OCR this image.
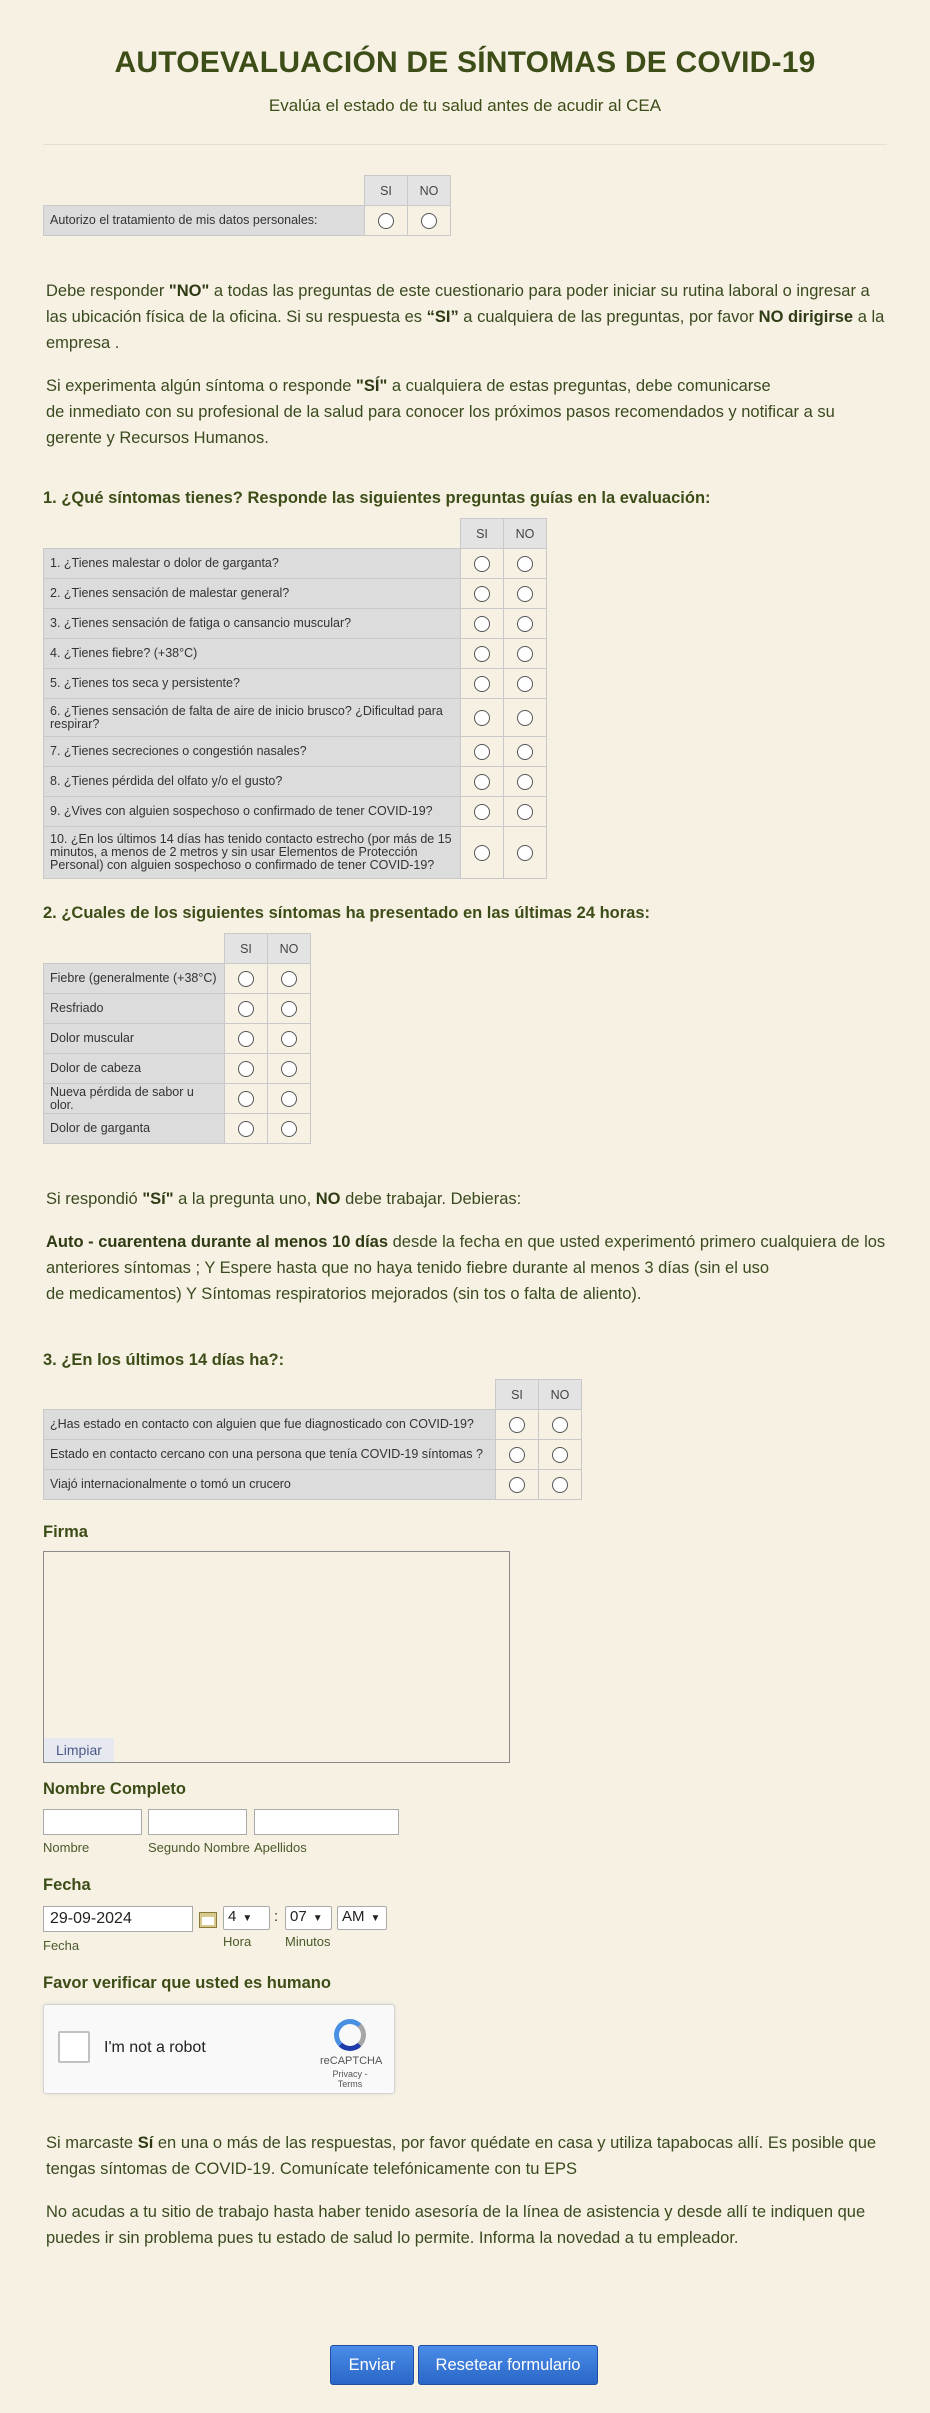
AUTOEVALUACIÓN DE SÍNTOMAS DE COVID-19
Evalúa el estado de tu salud antes de acudir al CEA
	SI	NO
Autorizo el tratamiento de mis datos personales:		
Debe responder "NO" a todas las preguntas de este cuestionario para poder iniciar su rutina laboral o ingresar a las ubicación física de la oficina. Si su respuesta es “SI” a cualquiera de las preguntas, por favor NO dirigirse a la empresa .
Si experimenta algún síntoma o responde "SÍ" a cualquiera de estas preguntas, debe comunicarse
de inmediato con su profesional de la salud para conocer los próximos pasos recomendados y notificar a su gerente y Recursos Humanos.
1. ¿Qué síntomas tienes? Responde las siguientes preguntas guías en la evaluación:
	SI	NO
1. ¿Tienes malestar o dolor de garganta?		
2. ¿Tienes sensación de malestar general?		
3. ¿Tienes sensación de fatiga o cansancio muscular?		
4. ¿Tienes fiebre? (+38°C)		
5. ¿Tienes tos seca y persistente?		
6. ¿Tienes sensación de falta de aire de inicio brusco? ¿Dificultad para respirar?		
7. ¿Tienes secreciones o congestión nasales?		
8. ¿Tienes pérdida del olfato y/o el gusto?		
9. ¿Vives con alguien sospechoso o confirmado de tener COVID-19?		
10. ¿En los últimos 14 días has tenido contacto estrecho (por más de 15 minutos, a menos de 2 metros y sin usar Elementos de Protección Personal) con alguien sospechoso o confirmado de tener COVID-19?		
2. ¿Cuales de los siguientes síntomas ha presentado en las últimas 24 horas:
	SI	NO
Fiebre (generalmente (+38°C)		
Resfriado		
Dolor muscular		
Dolor de cabeza		
Nueva pérdida de sabor u olor.		
Dolor de garganta		
Si respondió "Sí" a la pregunta uno, NO debe trabajar. Debieras:
Auto - cuarentena durante al menos 10 días desde la fecha en que usted experimentó primero cualquiera de los anteriores síntomas ; Y Espere hasta que no haya tenido fiebre durante al menos 3 días (sin el uso
de medicamentos) Y Síntomas respiratorios mejorados (sin tos o falta de aliento).
3. ¿En los últimos 14 días ha?:
	SI	NO
¿Has estado en contacto con alguien que fue diagnosticado con COVID-19?		
Estado en contacto cercano con una persona que tenía COVID-19 síntomas ?		
Viajó internacionalmente o tomó un crucero		
Firma
Limpiar
Nombre Completo
Nombre	Segundo Nombre Apellidos
Fecha
29-09-2024
Fecha
4 ▼	: 07 ▼	AM ▼
Hora	Minutos
Favor verificar que usted es humano
I'm not a robot
reCAPTCHA
Privacy - Terms
Si marcaste Sí en una o más de las respuestas, por favor quédate en casa y utiliza tapabocas allí. Es posible que tengas síntomas de COVID-19. Comunícate telefónicamente con tu EPS
No acudas a tu sitio de trabajo hasta haber tenido asesoría de la línea de asistencia y desde allí te indiquen que puedes ir sin problema pues tu estado de salud lo permite. Informa la novedad a tu empleador.
Enviar	Resetear formulario
